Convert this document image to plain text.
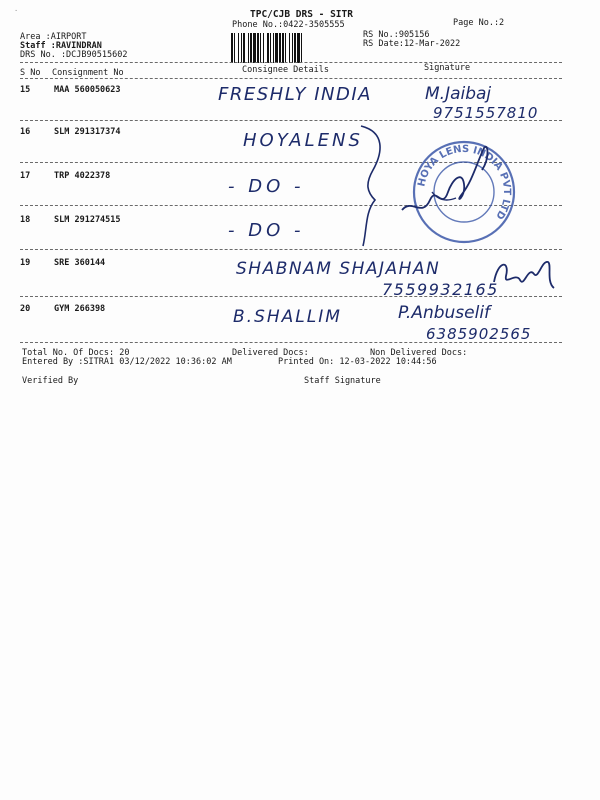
TPC/CJB DRS - SITR
Phone No.:0422-3505555	Page No.:2
·
Area :AIRPORT
Staff :RAVINDRAN
DRS No. :DCJB90515602
RS No.:905156
RS Date:12-Mar-2022
S No Consignment No	Consignee Details	Signature
15	MAA 560050623	FRESHLY INDIA	M.Jaibaj
9751557810
16	SLM 291317374	HOYALENS
17	TRP 4022378	- DO -
18	SLM 291274515	- DO -
19	SRE 360144	SHABNAM SHAJAHAN
7559932165
20	GYM 266398	B.SHALLIM	P.Anbuselif
6385902565
HOYA LENS INDIA PVT LTD
Total No. Of Docs: 20	Delivered Docs:	Non Delivered Docs:
Entered By :SITRA1 03/12/2022 10:36:02 AM	Printed On: 12-03-2022 10:44:56
Verified By	Staff Signature
